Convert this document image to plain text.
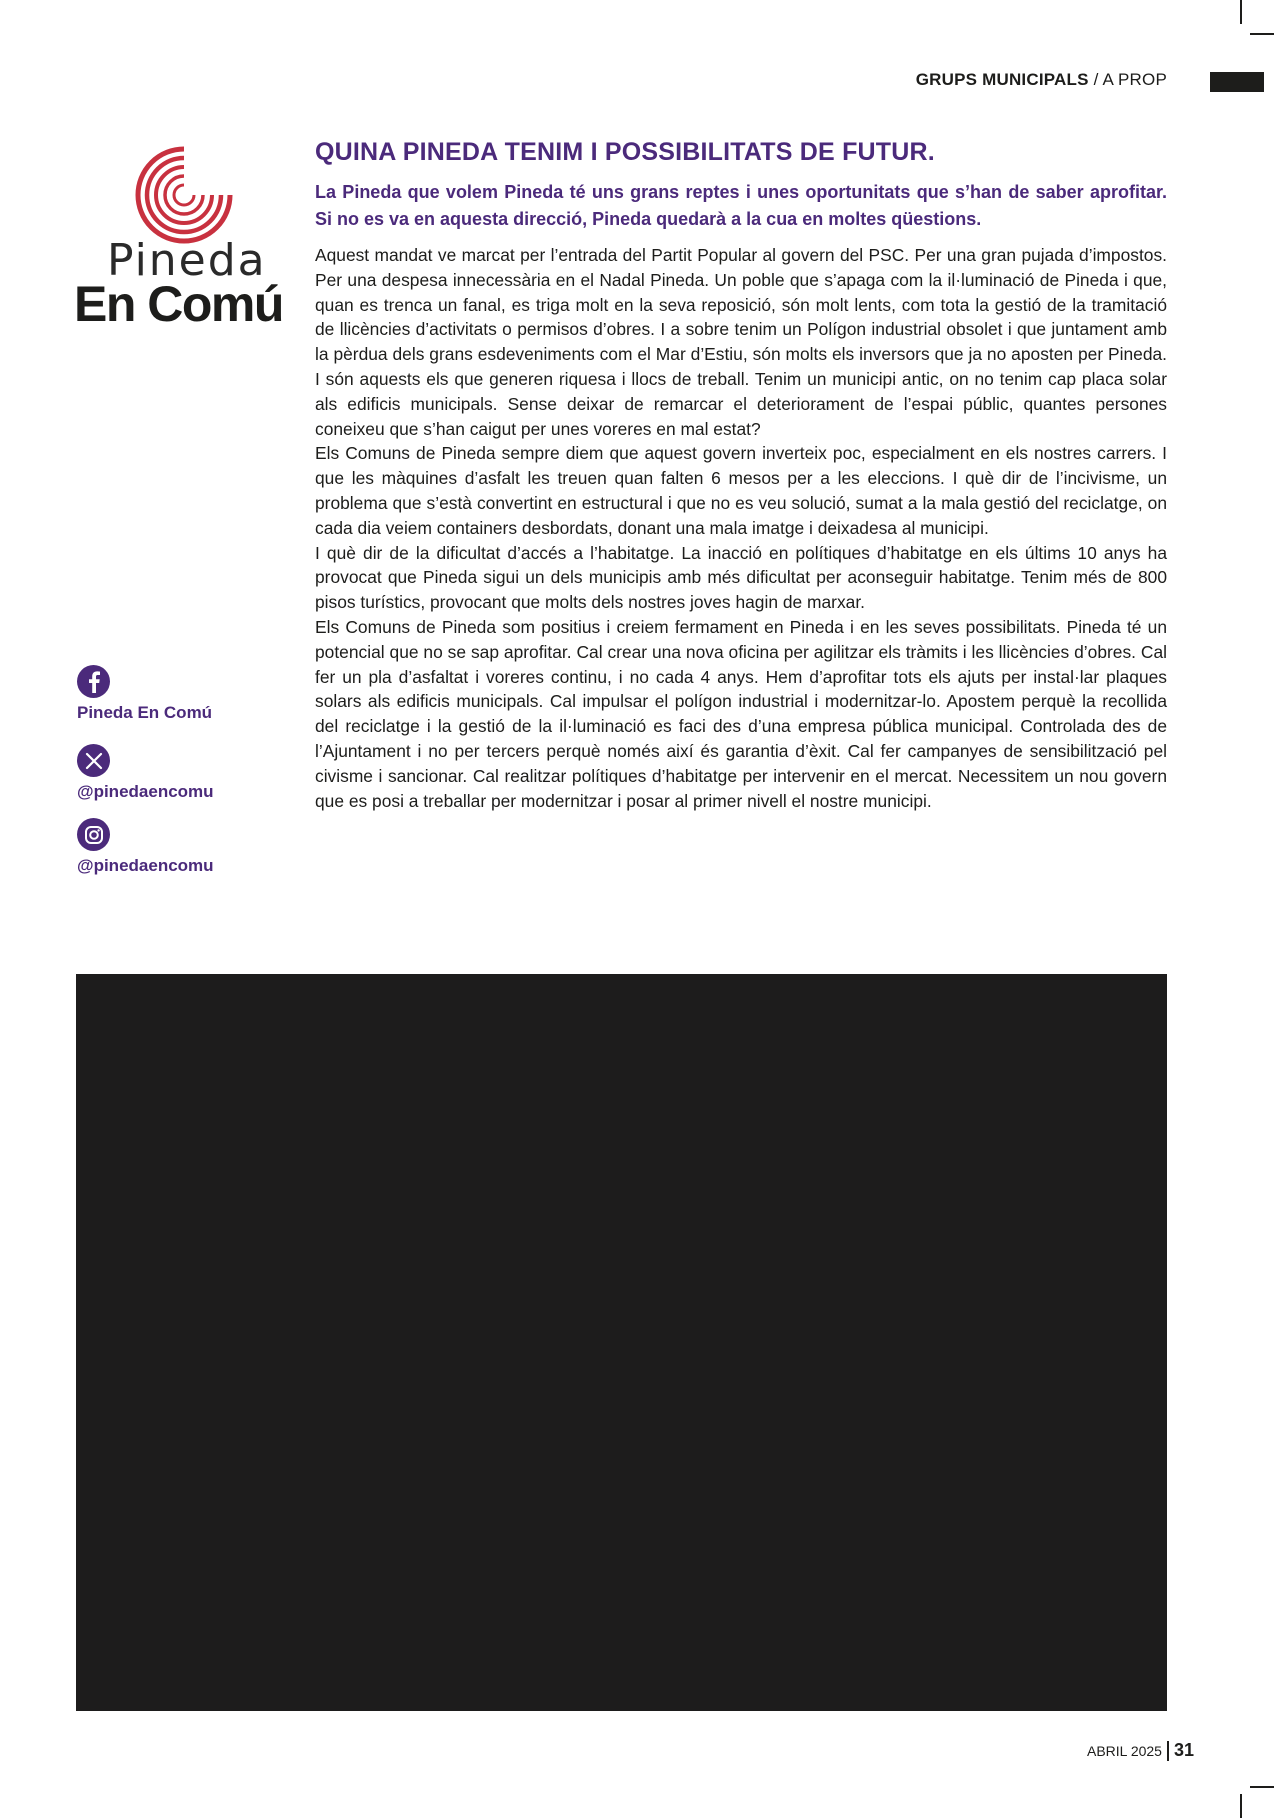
GRUPS MUNICIPALS / A PROP
Pineda
En Comú
Pineda En Comú
@pinedaencomu
@pinedaencomu
QUINA PINEDA TENIM I POSSIBILITATS DE FUTUR.

La Pineda que volem Pineda té uns grans reptes i unes oportunitats que s’han de saber aprofitar. Si no es va en aquesta direcció, Pineda quedarà a la cua en moltes qüestions.

Aquest mandat ve marcat per l’entrada del Partit Popular al govern del PSC. Per una gran pujada d’impostos. Per una despesa innecessària en el Nadal Pineda. Un poble que s’apaga com la il·luminació de Pineda i que, quan es trenca un fanal, es triga molt en la seva reposició, són molt lents, com tota la gestió de la tramitació de llicències d’activitats o permisos d’obres. I a sobre tenim un Polígon industrial obsolet i que juntament amb la pèrdua dels grans esdeveniments com el Mar d’Estiu, són molts els inversors que ja no aposten per Pineda. I són aquests els que generen riquesa i llocs de treball. Tenim un municipi antic, on no tenim cap placa solar als edificis municipals. Sense deixar de remarcar el deteriorament de l’espai públic, quantes persones coneixeu que s’han caigut per unes voreres en mal estat?

Els Comuns de Pineda sempre diem que aquest govern inverteix poc, especialment en els nostres carrers. I que les màquines d’asfalt les treuen quan falten 6 mesos per a les eleccions. I què dir de l’incivisme, un problema que s’està convertint en estructural i que no es veu solució, sumat a la mala gestió del reciclatge, on cada dia veiem containers desbordats, donant una mala imatge i deixadesa al municipi.

I què dir de la dificultat d’accés a l’habitatge. La inacció en polítiques d’habitatge en els últims 10 anys ha provocat que Pineda sigui un dels municipis amb més dificultat per aconseguir habitatge. Tenim més de 800 pisos turístics, provocant que molts dels nostres joves hagin de marxar.

Els Comuns de Pineda som positius i creiem fermament en Pineda i en les seves possibilitats. Pineda té un potencial que no se sap aprofitar. Cal crear una nova oficina per agilitzar els tràmits i les llicències d’obres. Cal fer un pla d’asfaltat i voreres continu, i no cada 4 anys. Hem d’aprofitar tots els ajuts per instal·lar plaques solars als edificis municipals. Cal impulsar el polígon industrial i modernitzar-lo. Apostem perquè la recollida del reciclatge i la gestió de la il·luminació es faci des d’una empresa pública municipal. Controlada des de l’Ajuntament i no per tercers perquè només així és garantia d’èxit. Cal fer campanyes de sensibilització pel civisme i sancionar. Cal realitzar polítiques d’habitatge per intervenir en el mercat. Necessitem un nou govern que es posi a treballar per modernitzar i posar al primer nivell el nostre municipi.

ABRIL 2025 31
